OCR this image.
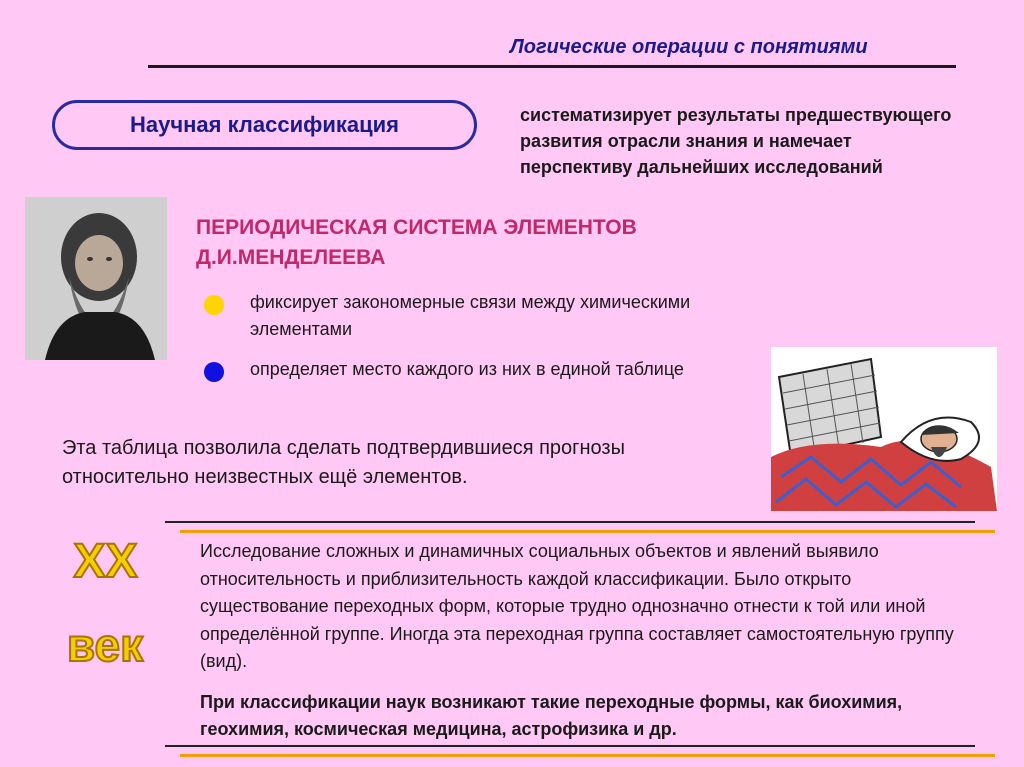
Логические операции с понятиями
Научная классификация	систематизирует результаты предшествующего развития отрасли знания и намечает перспективу дальнейших исследований
ПЕРИОДИЧЕСКАЯ СИСТЕМА ЭЛЕМЕНТОВ
Д.И.МЕНДЕЛЕЕВА
фиксирует закономерные связи между химическими элементами
определяет место каждого из них в единой таблице
Эта таблица позволила сделать подтвердившиеся прогнозы относительно неизвестных ещё элементов.
XX
век
Исследование сложных и динамичных социальных объектов и явлений выявило относительность и приблизительность каждой классификации. Было открыто существование переходных форм, которые трудно однозначно отнести к той или иной определённой группе. Иногда эта переходная группа составляет самостоятельную группу (вид).
При классификации наук возникают такие переходные формы, как биохимия, геохимия, космическая медицина, астрофизика и др.
